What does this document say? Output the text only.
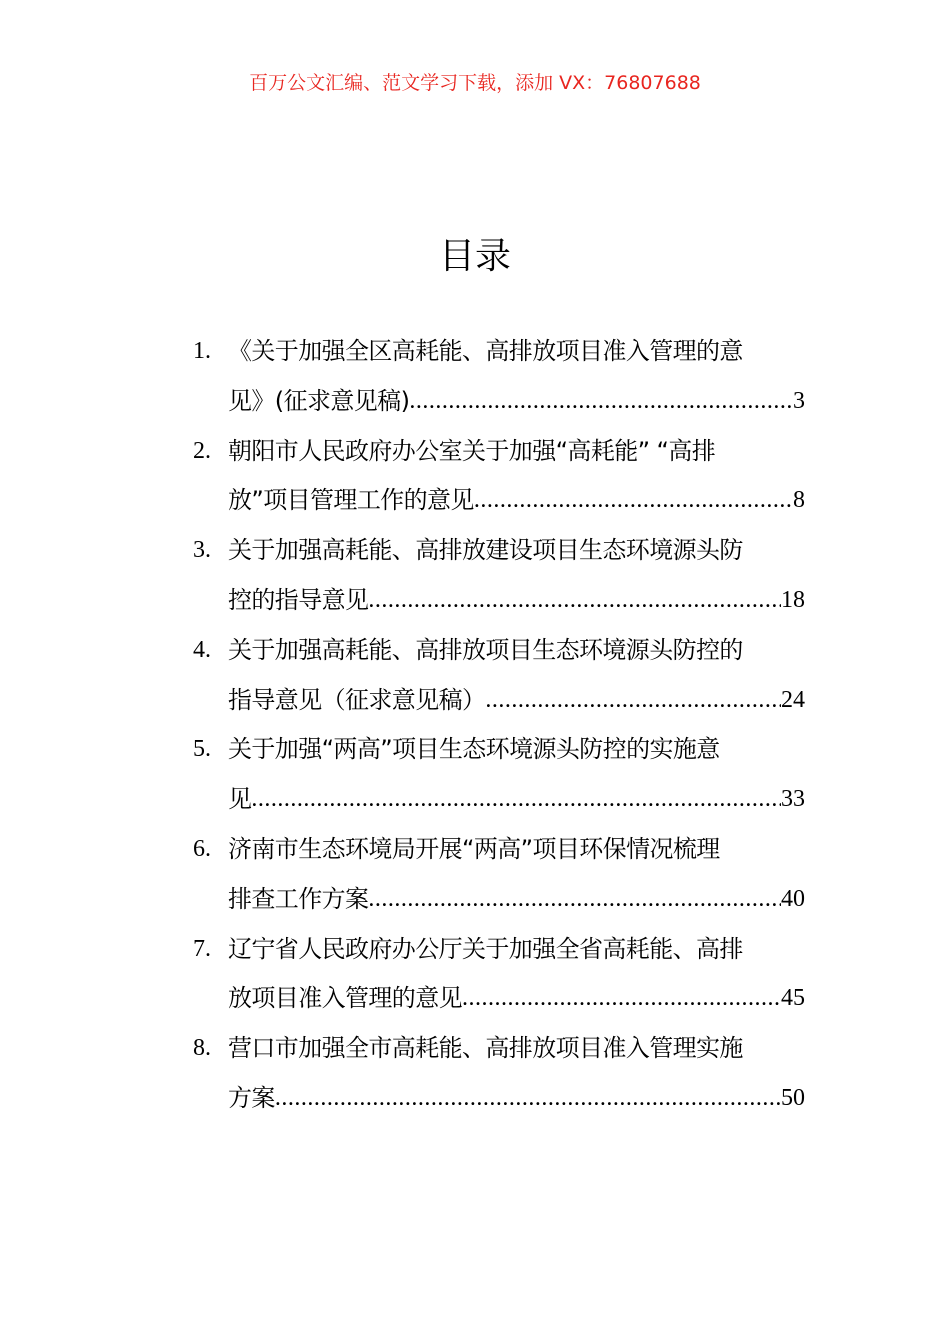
百万公文汇编、范文学习下载，添加 VX：76807688
目录
1. 《关于加强全区高耗能、高排放项目准入管理的意
见》(征求意见稿) .....	3
2. 朝阳市人民政府办公室关于加强“高耗能” “高排
放”项目管理工作的意见 .....	8
3. 关于加强高耗能、高排放建设项目生态环境源头防
控的指导意见 .....	18
4. 关于加强高耗能、高排放项目生态环境源头防控的
指导意见（征求意见稿） .....	24
5. 关于加强“两高”项目生态环境源头防控的实施意
见 .....	33
6. 济南市生态环境局开展“两高”项目环保情况梳理
排查工作方案 .....	40
7. 辽宁省人民政府办公厅关于加强全省高耗能、高排
放项目准入管理的意见 .....	45
8. 营口市加强全市高耗能、高排放项目准入管理实施
方案 .....	50
